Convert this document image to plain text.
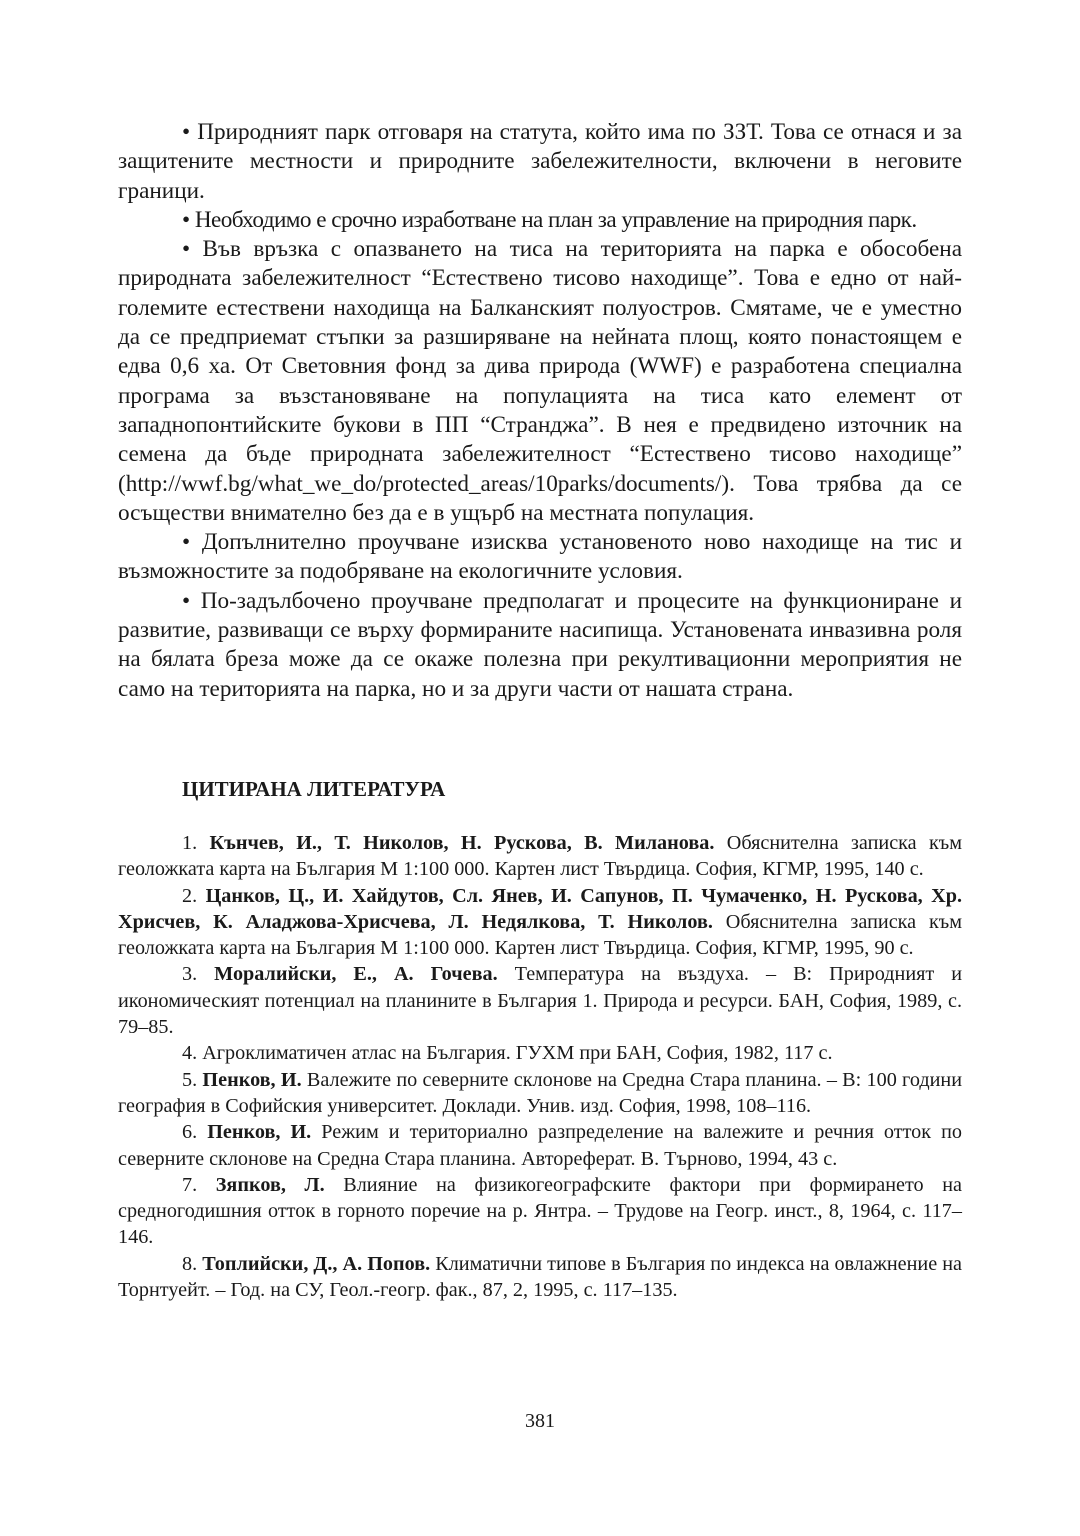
• Природният парк отговаря на статута, който има по ЗЗТ. Това се отнася и за защитените местности и природните забележителности, включени в неговите граници.

• Необходимо е срочно изработване на план за управление на природния парк.

• Във връзка с опазването на тиса на територията на парка е обособена природната забележителност “Естествено тисово находище”. Това е едно от най-големите естествени находища на Балканският полуостров. Смятаме, че е уместно да се предприемат стъпки за разширяване на нейната площ, която понастоящем е едва 0,6 ха. От Световния фонд за дива природа (WWF) е разработена специална програма за възстановяване на популацията на тиса като елемент от западнопонтийските букови в ПП “Странджа”. В нея е предвидено източник на семена да бъде природната забележителност “Естествено тисово находище” (http://wwf.bg/what_we_do/protected_areas/10parks/documents/). Това трябва да се осъществи внимателно без да е в ущърб на местната популация.

• Допълнително проучване изисква установеното ново находище на тис и възможностите за подобряване на екологичните условия.

• По-задълбочено проучване предполагат и процесите на функциониране и развитие, развиващи се върху формираните насипища. Установената инвазивна роля на бялата бреза може да се окаже полезна при рекултивационни мероприятия не само на територията на парка, но и за други части от нашата страна.

ЦИТИРАНА ЛИТЕРАТУРА

1. Кънчев, И., Т. Николов, Н. Рускова, В. Миланова. Обяснителна записка към геоложката карта на България М 1:100 000. Картен лист Твърдица. София, КГМР, 1995, 140 с.

2. Цанков, Ц., И. Хайдутов, Сл. Янев, И. Сапунов, П. Чумаченко, Н. Рускова, Хр. Хрисчев, К. Аладжова-Хрисчева, Л. Недялкова, Т. Николов. Обяснителна записка към геоложката карта на България М 1:100 000. Картен лист Твърдица. София, КГМР, 1995, 90 с.

3. Моралийски, Е., А. Гочева. Температура на въздуха. – В: Природният и икономическият потенциал на планините в България 1. Природа и ресурси. БАН, София, 1989, с. 79–85.

4. Агроклиматичен атлас на България. ГУХМ при БАН, София, 1982, 117 с.

5. Пенков, И. Валежите по северните склонове на Средна Стара планина. – В: 100 години география в Софийския университет. Доклади. Унив. изд. София, 1998, 108–116.

6. Пенков, И. Режим и териториално разпределение на валежите и речния отток по северните склонове на Средна Стара планина. Автореферат. В. Търново, 1994, 43 с.

7. Зяпков, Л. Влияние на физикогеографските фактори при формирането на средногодишния отток в горното поречие на р. Янтра. – Трудове на Геогр. инст., 8, 1964, с. 117–146.

8. Топлийски, Д., А. Попов. Климатични типове в България по индекса на овлажнение на Торнтуейт. – Год. на СУ, Геол.-геогр. фак., 87, 2, 1995, с. 117–135.

381
